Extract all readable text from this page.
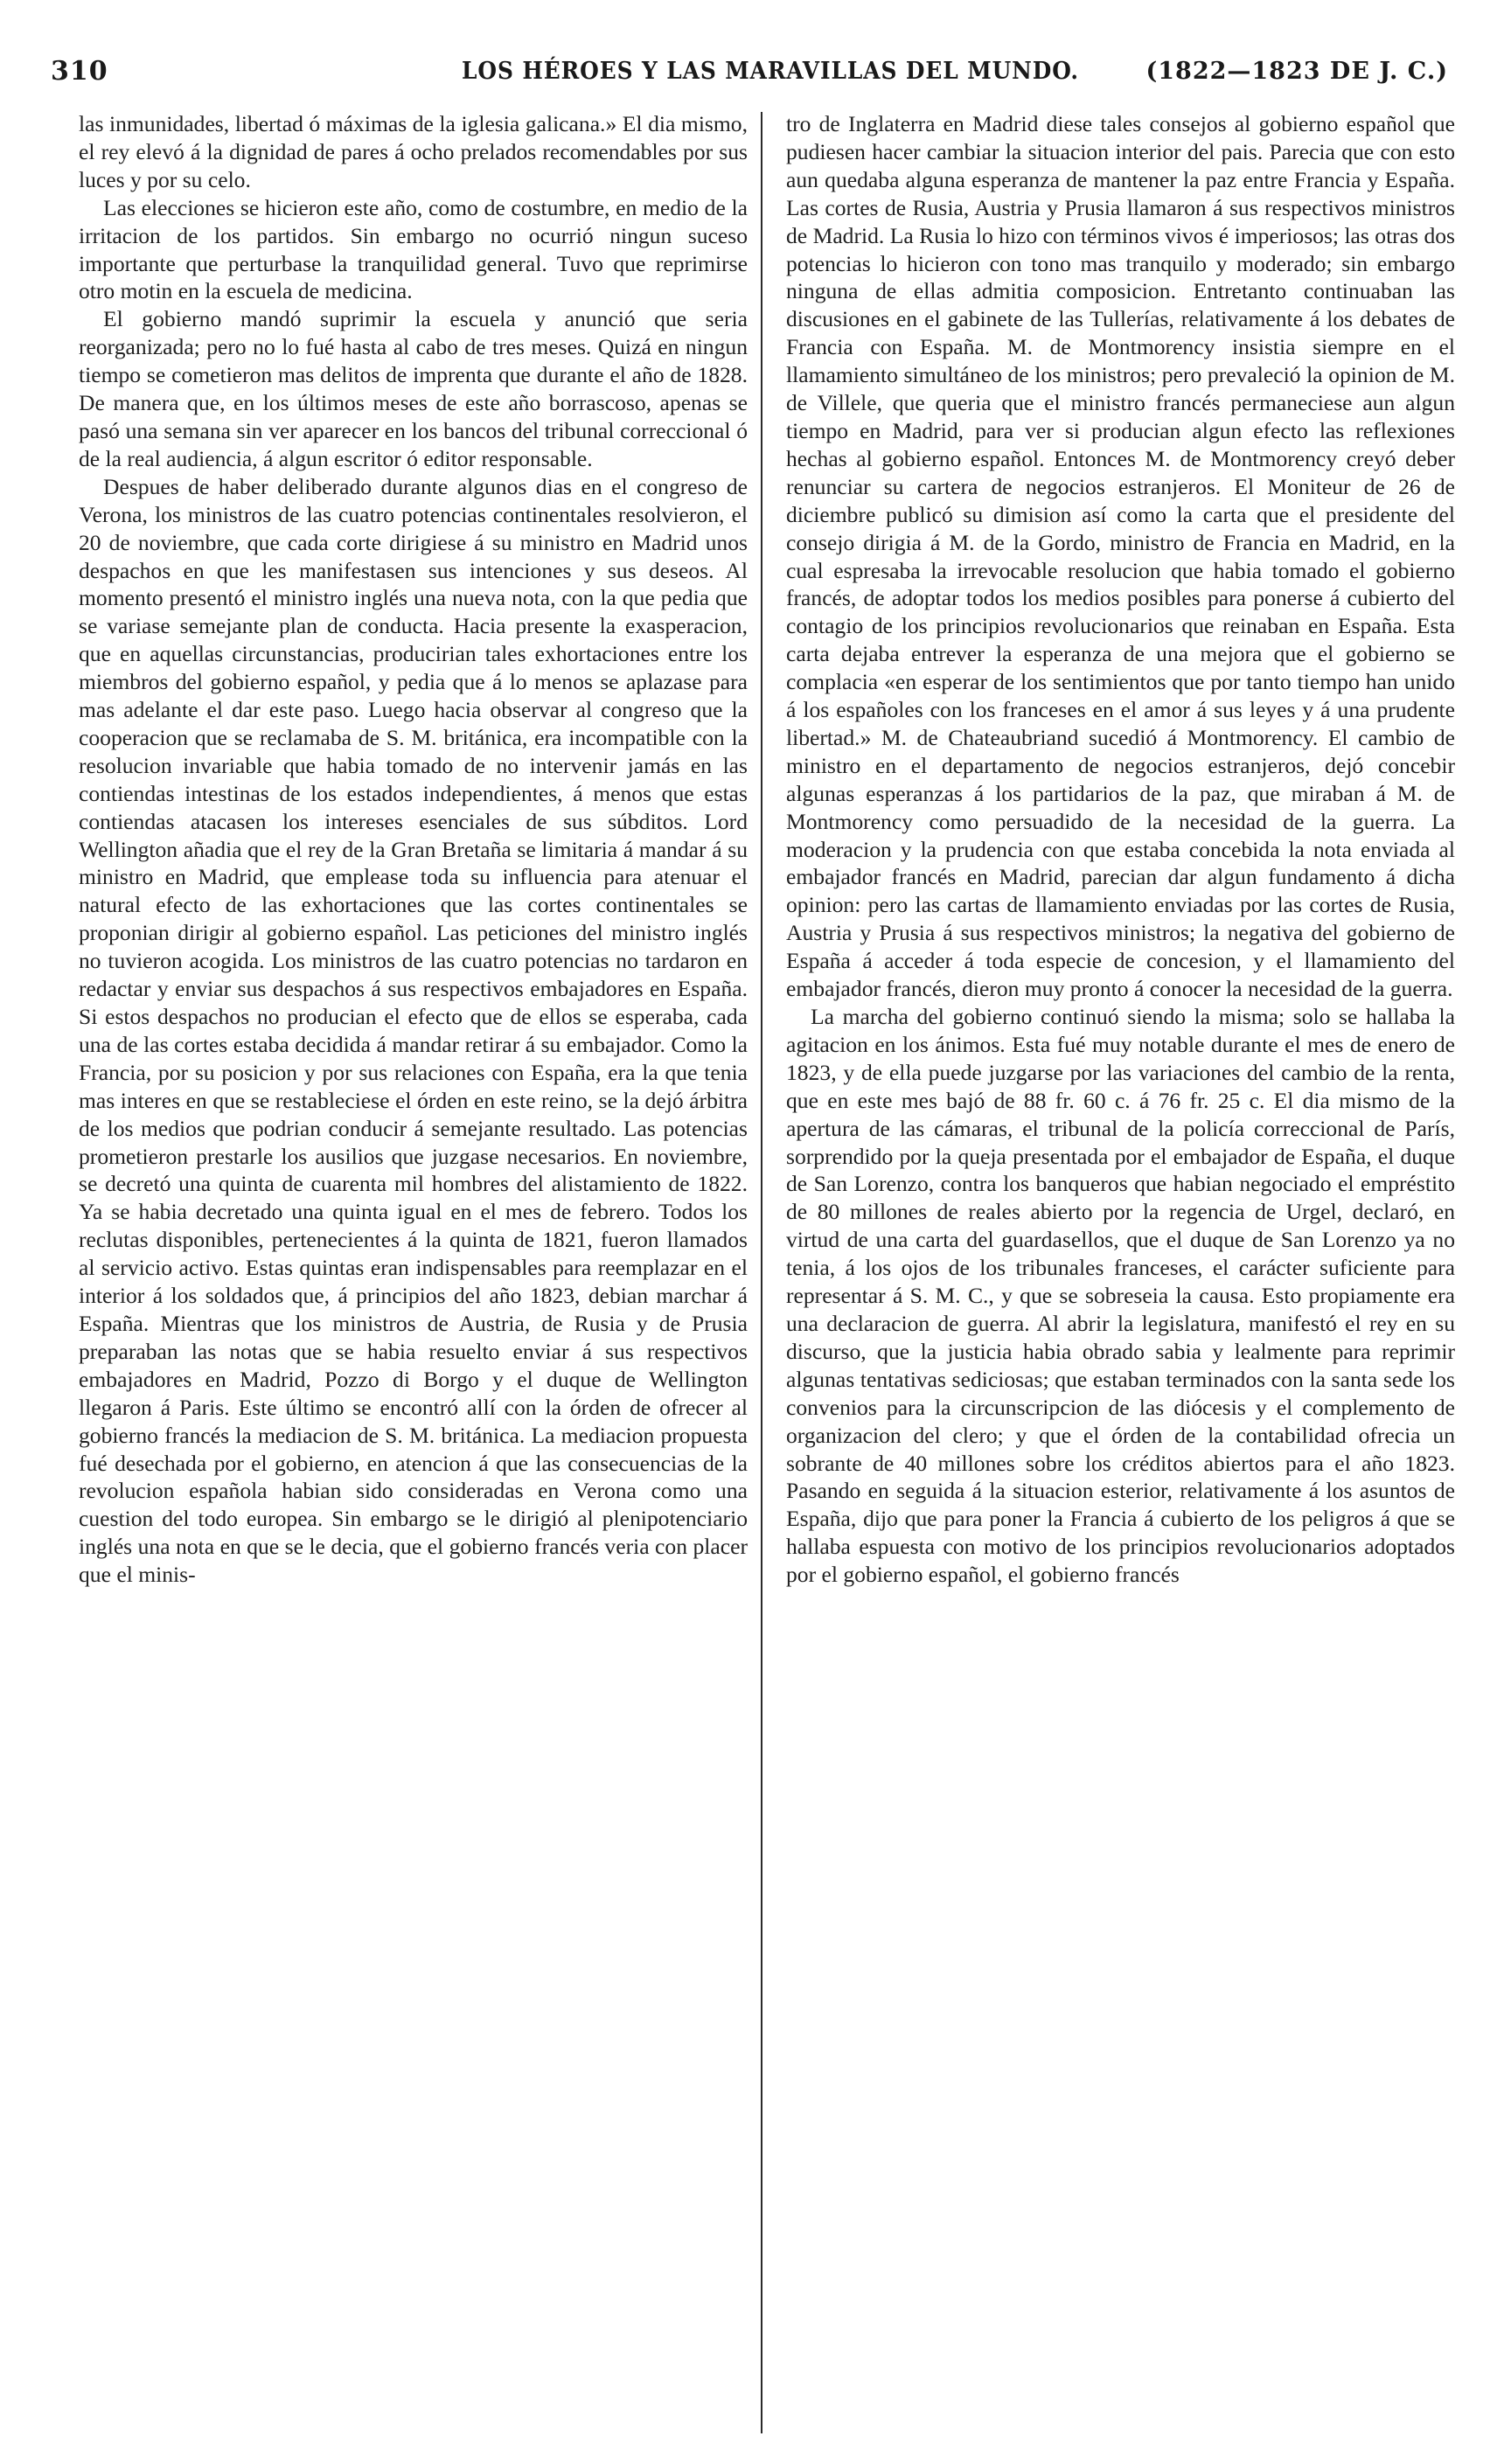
310	LOS HÉROES Y LAS MARAVILLAS DEL MUNDO.	(1822—1823 DE J. C.)

las inmunidades, libertad ó máximas de la iglesia galicana.» El dia mismo, el rey elevó á la dignidad de pares á ocho prelados recomendables por sus luces y por su celo.

Las elecciones se hicieron este año, como de costumbre, en medio de la irritacion de los partidos. Sin embargo no ocurrió ningun suceso importante que perturbase la tranquilidad general. Tuvo que reprimirse otro motin en la escuela de medicina.

El gobierno mandó suprimir la escuela y anunció que seria reorganizada; pero no lo fué hasta al cabo de tres meses. Quizá en ningun tiempo se cometieron mas delitos de imprenta que durante el año de 1828. De manera que, en los últimos meses de este año borrascoso, apenas se pasó una semana sin ver aparecer en los bancos del tribunal correccional ó de la real audiencia, á algun escritor ó editor responsable.

Despues de haber deliberado durante algunos dias en el congreso de Verona, los ministros de las cuatro potencias continentales resolvieron, el 20 de noviembre, que cada corte dirigiese á su ministro en Madrid unos despachos en que les manifestasen sus intenciones y sus deseos. Al momento presentó el ministro inglés una nueva nota, con la que pedia que se variase semejante plan de conducta. Hacia presente la exasperacion, que en aquellas circunstancias, producirian tales exhortaciones entre los miembros del gobierno español, y pedia que á lo menos se aplazase para mas adelante el dar este paso. Luego hacia observar al congreso que la cooperacion que se reclamaba de S. M. británica, era incompatible con la resolucion invariable que habia tomado de no intervenir jamás en las contiendas intestinas de los estados independientes, á menos que estas contiendas atacasen los intereses esenciales de sus súbditos. Lord Wellington añadia que el rey de la Gran Bretaña se limitaria á mandar á su ministro en Madrid, que emplease toda su influencia para atenuar el natural efecto de las exhortaciones que las cortes continentales se proponian dirigir al gobierno español. Las peticiones del ministro inglés no tuvieron acogida. Los ministros de las cuatro potencias no tardaron en redactar y enviar sus despachos á sus respectivos embajadores en España. Si estos despachos no producian el efecto que de ellos se esperaba, cada una de las cortes estaba decidida á mandar retirar á su embajador. Como la Francia, por su posicion y por sus relaciones con España, era la que tenia mas interes en que se restableciese el órden en este reino, se la dejó árbitra de los medios que podrian conducir á semejante resultado. Las potencias prometieron prestarle los ausilios que juzgase necesarios. En noviembre, se decretó una quinta de cuarenta mil hombres del alistamiento de 1822. Ya se habia decretado una quinta igual en el mes de febrero. Todos los reclutas disponibles, pertenecientes á la quinta de 1821, fueron llamados al servicio activo. Estas quintas eran indispensables para reemplazar en el interior á los soldados que, á principios del año 1823, debian marchar á España. Mientras que los ministros de Austria, de Rusia y de Prusia preparaban las notas que se habia resuelto enviar á sus respectivos embajadores en Madrid, Pozzo di Borgo y el duque de Wellington llegaron á Paris. Este último se encontró allí con la órden de ofrecer al gobierno francés la mediacion de S. M. británica. La mediacion propuesta fué desechada por el gobierno, en atencion á que las consecuencias de la revolucion española habian sido consideradas en Verona como una cuestion del todo europea. Sin embargo se le dirigió al plenipotenciario inglés una nota en que se le decia, que el gobierno francés veria con placer que el minis-

tro de Inglaterra en Madrid diese tales consejos al gobierno español que pudiesen hacer cambiar la situacion interior del pais. Parecia que con esto aun quedaba alguna esperanza de mantener la paz entre Francia y España. Las cortes de Rusia, Austria y Prusia llamaron á sus respectivos ministros de Madrid. La Rusia lo hizo con términos vivos é imperiosos; las otras dos potencias lo hicieron con tono mas tranquilo y moderado; sin embargo ninguna de ellas admitia composicion. Entretanto continuaban las discusiones en el gabinete de las Tullerías, relativamente á los debates de Francia con España. M. de Montmorency insistia siempre en el llamamiento simultáneo de los ministros; pero prevaleció la opinion de M. de Villele, que queria que el ministro francés permaneciese aun algun tiempo en Madrid, para ver si producian algun efecto las reflexiones hechas al gobierno español. Entonces M. de Montmorency creyó deber renunciar su cartera de negocios estranjeros. El Moniteur de 26 de diciembre publicó su dimision así como la carta que el presidente del consejo dirigia á M. de la Gordo, ministro de Francia en Madrid, en la cual espresaba la irrevocable resolucion que habia tomado el gobierno francés, de adoptar todos los medios posibles para ponerse á cubierto del contagio de los principios revolucionarios que reinaban en España. Esta carta dejaba entrever la esperanza de una mejora que el gobierno se complacia «en esperar de los sentimientos que por tanto tiempo han unido á los españoles con los franceses en el amor á sus leyes y á una prudente libertad.» M. de Chateaubriand sucedió á Montmorency. El cambio de ministro en el departamento de negocios estranjeros, dejó concebir algunas esperanzas á los partidarios de la paz, que miraban á M. de Montmorency como persuadido de la necesidad de la guerra. La moderacion y la prudencia con que estaba concebida la nota enviada al embajador francés en Madrid, parecian dar algun fundamento á dicha opinion: pero las cartas de llamamiento enviadas por las cortes de Rusia, Austria y Prusia á sus respectivos ministros; la negativa del gobierno de España á acceder á toda especie de concesion, y el llamamiento del embajador francés, dieron muy pronto á conocer la necesidad de la guerra.

La marcha del gobierno continuó siendo la misma; solo se hallaba la agitacion en los ánimos. Esta fué muy notable durante el mes de enero de 1823, y de ella puede juzgarse por las variaciones del cambio de la renta, que en este mes bajó de 88 fr. 60 c. á 76 fr. 25 c. El dia mismo de la apertura de las cámaras, el tribunal de la policía correccional de París, sorprendido por la queja presentada por el embajador de España, el duque de San Lorenzo, contra los banqueros que habian negociado el empréstito de 80 millones de reales abierto por la regencia de Urgel, declaró, en virtud de una carta del guardasellos, que el duque de San Lorenzo ya no tenia, á los ojos de los tribunales franceses, el carácter suficiente para representar á S. M. C., y que se sobreseia la causa. Esto propiamente era una declaracion de guerra. Al abrir la legislatura, manifestó el rey en su discurso, que la justicia habia obrado sabia y lealmente para reprimir algunas tentativas sediciosas; que estaban terminados con la santa sede los convenios para la circunscripcion de las diócesis y el complemento de organizacion del clero; y que el órden de la contabilidad ofrecia un sobrante de 40 millones sobre los créditos abiertos para el año 1823. Pasando en seguida á la situacion esterior, relativamente á los asuntos de España, dijo que para poner la Francia á cubierto de los peligros á que se hallaba espuesta con motivo de los principios revolucionarios adoptados por el gobierno español, el gobierno francés
